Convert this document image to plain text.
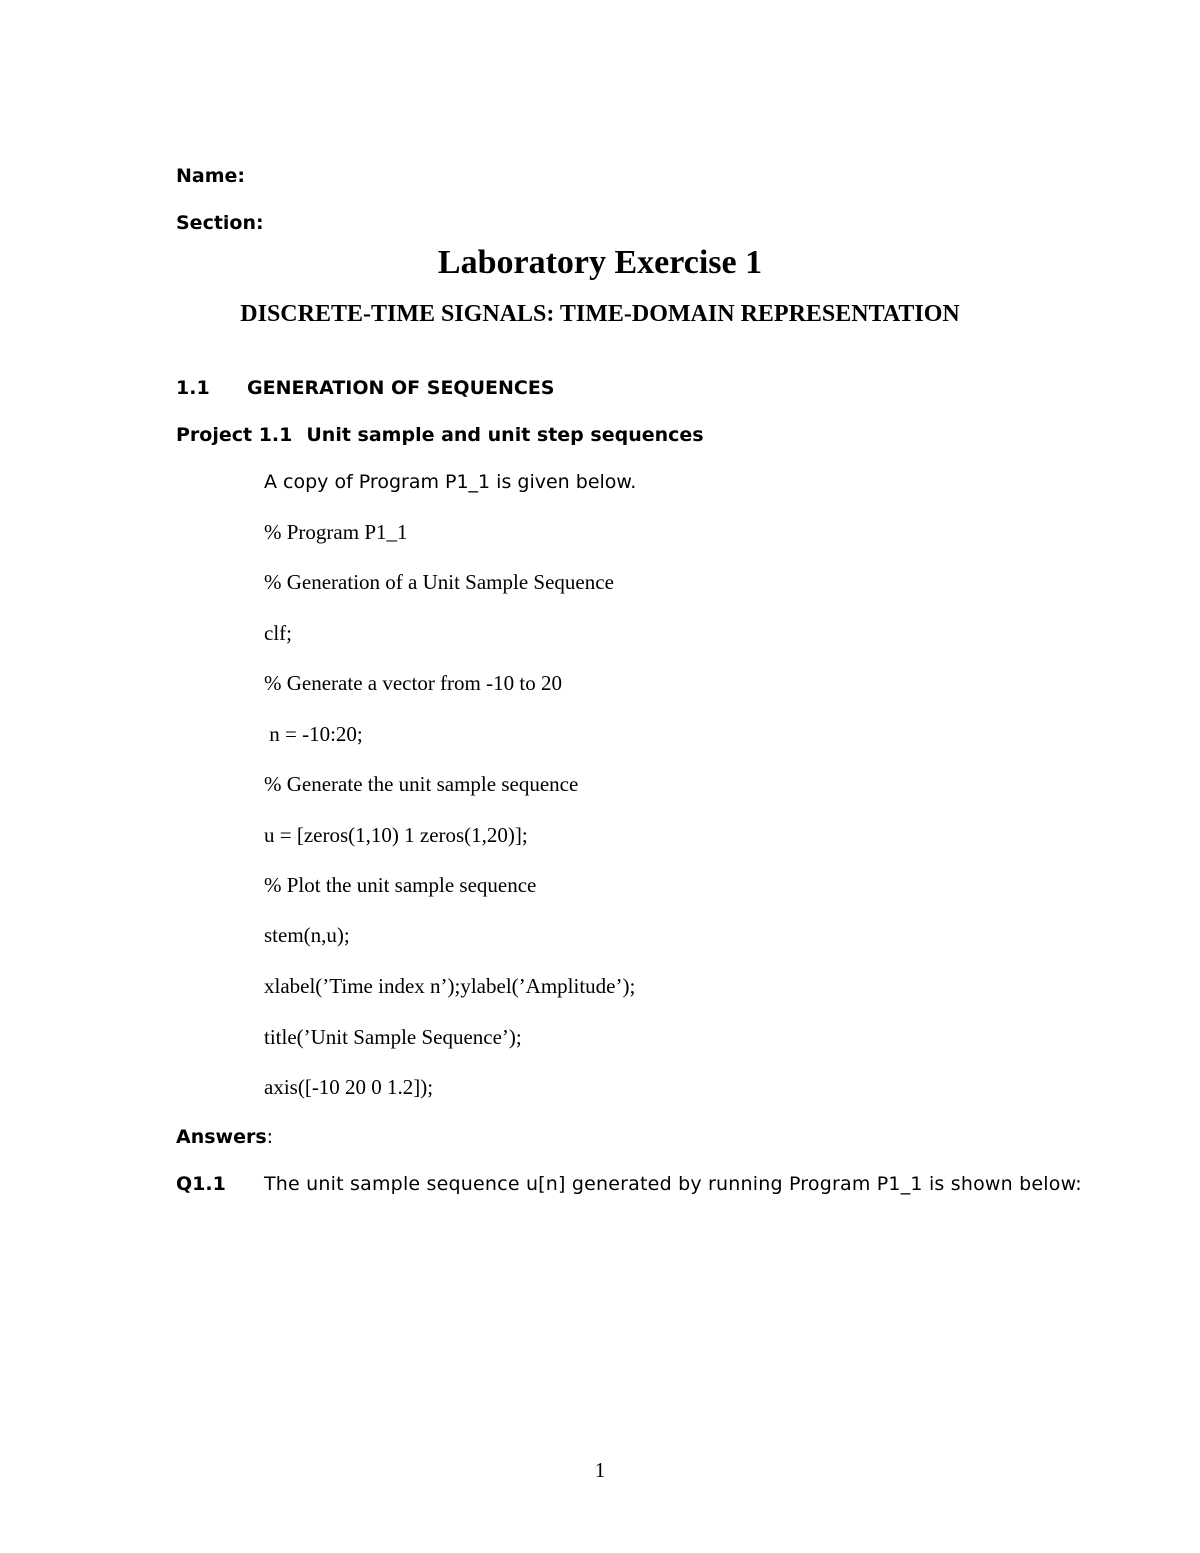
Name:
Section:
Laboratory Exercise 1
DISCRETE-TIME SIGNALS: TIME-DOMAIN REPRESENTATION
1.1 GENERATION OF SEQUENCES
Project 1.1 Unit sample and unit step sequences
A copy of Program P1_1 is given below.
% Program P1_1
% Generation of a Unit Sample Sequence
clf;
% Generate a vector from -10 to 20
n = -10:20;
% Generate the unit sample sequence
u = [zeros(1,10) 1 zeros(1,20)];
% Plot the unit sample sequence
stem(n,u);
xlabel(’Time index n’);ylabel(’Amplitude’);
title(’Unit Sample Sequence’);
axis([-10 20 0 1.2]);
Answers:
Q1.1 The unit sample sequence u[n] generated by running Program P1_1 is shown below:
1
